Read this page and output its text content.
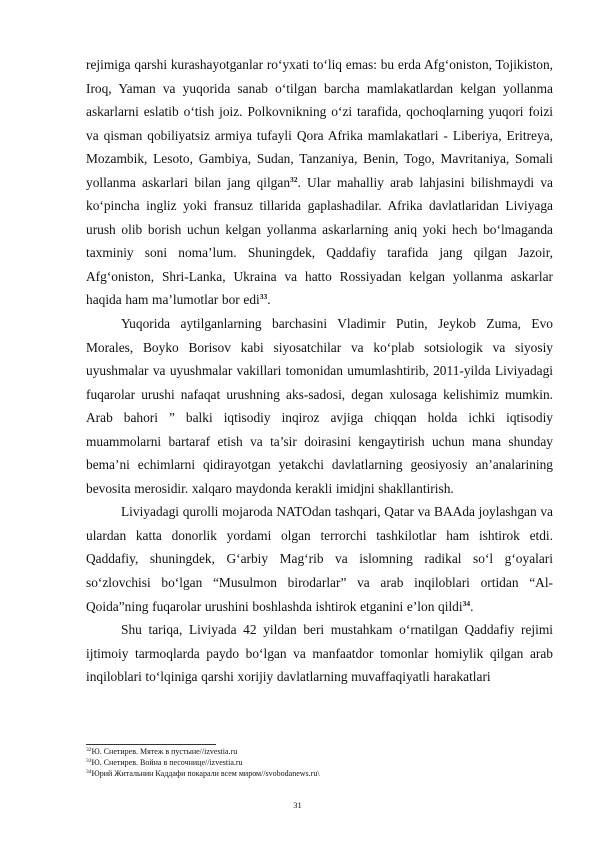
rejimiga qarshi kurashayotganlar ro‘yxati to‘liq emas: bu erda Afg‘oniston, Tojikiston, Iroq, Yaman va yuqorida sanab o‘tilgan barcha mamlakatlardan kelgan yollanma askarlarni eslatib o‘tish joiz. Polkovnikning o‘zi tarafida, qochoqlarning yuqori foizi va qisman qobiliyatsiz armiya tufayli Qora Afrika mamlakatlari - Liberiya, Eritreya, Mozambik, Lesoto, Gambiya, Sudan, Tanzaniya, Benin, Togo, Mavritaniya, Somali yollanma askarlari bilan jang qilgan$^{32}$. Ular mahalliy arab lahjasini bilishmaydi va ko‘pincha ingliz yoki fransuz tillarida gaplashadilar. Afrika davlatlaridan Liviyaga urush olib borish uchun kelgan yollanma askarlarning aniq yoki hech bo‘lmaganda taxminiy soni noma’lum. Shuningdek, Qaddafiy tarafida jang qilgan Jazoir, Afg‘oniston, Shri-Lanka, Ukraina va hatto Rossiyadan kelgan yollanma askarlar haqida ham ma’lumotlar bor edi$^{33}$.

Yuqorida aytilganlarning barchasini Vladimir Putin, Jeykob Zuma, Evo Morales, Boyko Borisov kabi siyosatchilar va ko‘plab sotsiologik va siyosiy uyushmalar va uyushmalar vakillari tomonidan umumlashtirib, 2011-yilda Liviyadagi fuqarolar urushi nafaqat urushning aks-sadosi, degan xulosaga kelishimiz mumkin. Arab bahori ” balki iqtisodiy inqiroz avjiga chiqqan holda ichki iqtisodiy muammolarni bartaraf etish va ta’sir doirasini kengaytirish uchun mana shunday bema’ni echimlarni qidirayotgan yetakchi davlatlarning geosiyosiy an’analarining bevosita merosidir. xalqaro maydonda kerakli imidjni shakllantirish.

Liviyadagi qurolli mojaroda NATOdan tashqari, Qatar va BAAda joylashgan va ulardan katta donorlik yordami olgan terrorchi tashkilotlar ham ishtirok etdi. Qaddafiy, shuningdek, G‘arbiy Mag‘rib va islomning radikal so‘l g‘oyalari so‘zlovchisi bo‘lgan “Musulmon birodarlar” va arab inqiloblari ortidan “Al-Qoida”ning fuqarolar urushini boshlashda ishtirok etganini e’lon qildi$^{34}$.

Shu tariqa, Liviyada 42 yildan beri mustahkam o‘rnatilgan Qaddafiy rejimi ijtimoiy tarmoqlarda paydo bo‘lgan va manfaatdor tomonlar homiylik qilgan arab inqiloblari to‘lqiniga qarshi xorijiy davlatlarning muvaffaqiyatli harakatlari

$^{32}$Ю. Снетирев. Мятеж в пустыне//izvestia.ru

$^{33}$Ю. Снетирев. Война в песочнице//izvestia.ru

$^{34}$Юрий Житальнин Каддафи покарали всем миром//svobodanews.ru\

31
